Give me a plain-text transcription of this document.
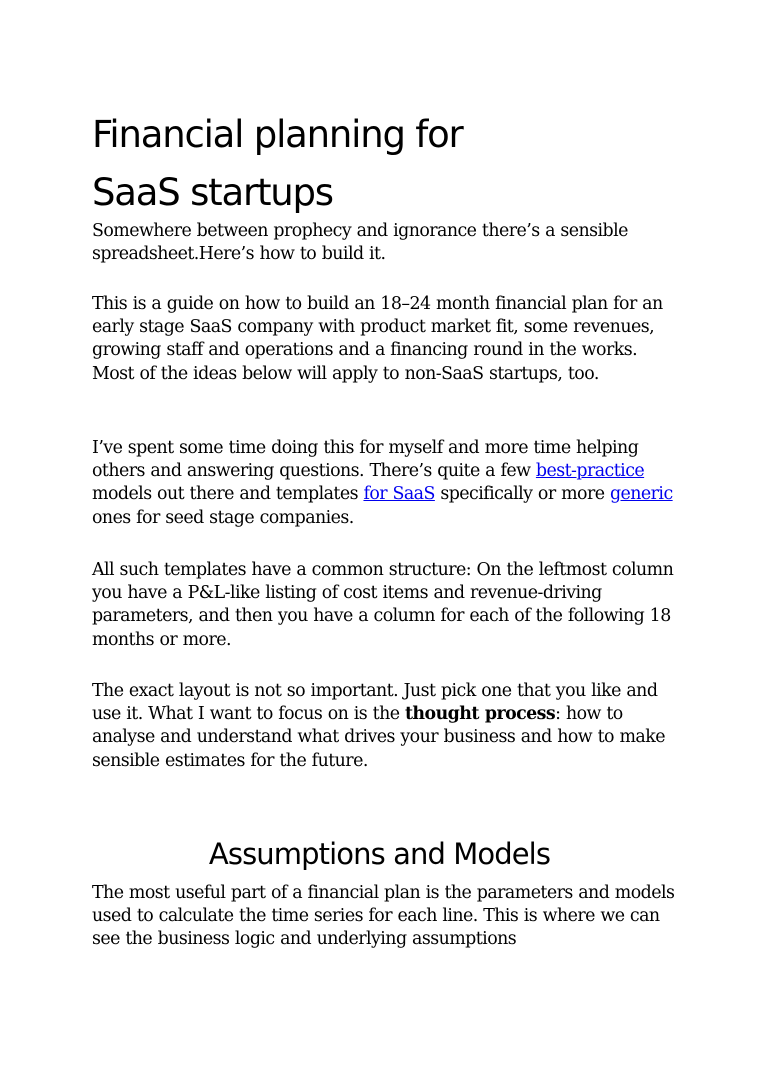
Financial planning for
SaaS startups

Somewhere between prophecy and ignorance there’s a sensible spreadsheet.Here’s how to build it.

This is a guide on how to build an 18–24 month financial plan for an early stage SaaS company with product market fit, some revenues, growing staff and operations and a financing round in the works. Most of the ideas below will apply to non-SaaS startups, too.

I’ve spent some time doing this for myself and more time helping others and answering questions. There’s quite a few best-practice models out there and templates for SaaS specifically or more generic ones for seed stage companies.

All such templates have a common structure: On the leftmost column you have a P&L-like listing of cost items and revenue-driving parameters, and then you have a column for each of the following 18 months or more.

The exact layout is not so important. Just pick one that you like and use it. What I want to focus on is the thought process: how to analyse and understand what drives your business and how to make sensible estimates for the future.

Assumptions and Models

The most useful part of a financial plan is the parameters and models used to calculate the time series for each line. This is where we can see the business logic and underlying assumptions
